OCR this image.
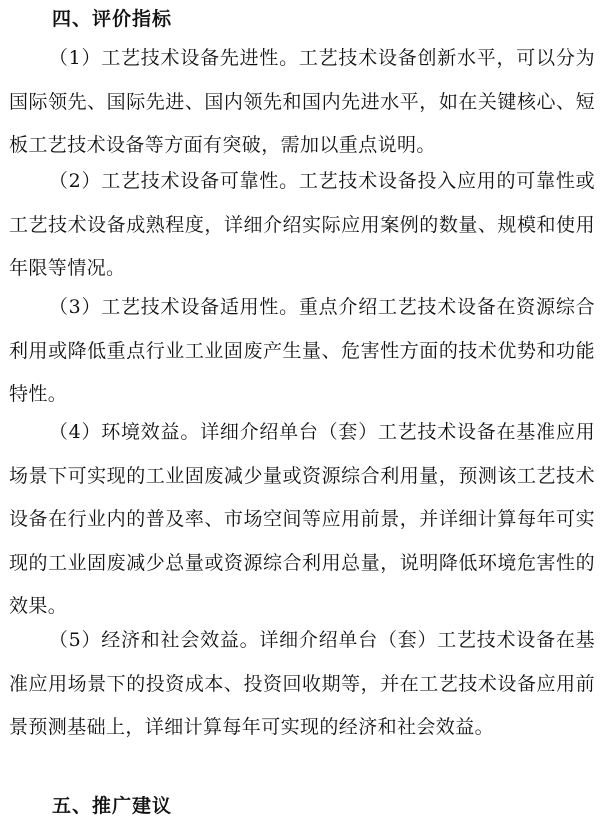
四、评价指标

（1）工艺技术设备先进性。工艺技术设备创新水平，可以分为国际领先、国际先进、国内领先和国内先进水平，如在关键核心、短板工艺技术设备等方面有突破，需加以重点说明。

（2）工艺技术设备可靠性。工艺技术设备投入应用的可靠性或工艺技术设备成熟程度，详细介绍实际应用案例的数量、规模和使用年限等情况。

（3）工艺技术设备适用性。重点介绍工艺技术设备在资源综合利用或降低重点行业工业固废产生量、危害性方面的技术优势和功能特性。

（4）环境效益。详细介绍单台（套）工艺技术设备在基准应用场景下可实现的工业固废减少量或资源综合利用量，预测该工艺技术设备在行业内的普及率、市场空间等应用前景，并详细计算每年可实现的工业固废减少总量或资源综合利用总量，说明降低环境危害性的效果。

（5）经济和社会效益。详细介绍单台（套）工艺技术设备在基准应用场景下的投资成本、投资回收期等，并在工艺技术设备应用前景预测基础上，详细计算每年可实现的经济和社会效益。

五、推广建议
